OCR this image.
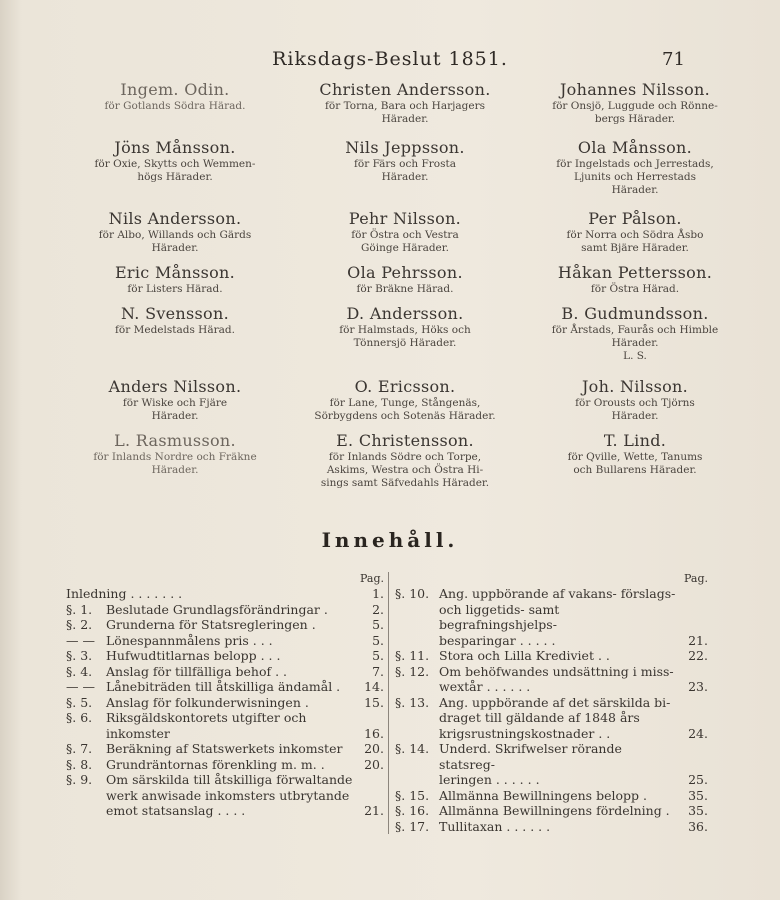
Riksdags-Beslut 1851.	71
Ingem. Odin.
för Gotlands Södra Härad.
Christen Andersson.
för Torna, Bara och Harjagers
Härader.
Johannes Nilsson.
för Onsjö, Luggude och Rönne-
bergs Härader.
Jöns Månsson.
för Oxie, Skytts och Wemmen-
högs Härader.
Nils Jeppsson.
för Färs och Frosta
Härader.
Ola Månsson.
för Ingelstads och Jerrestads,
Ljunits och Herrestads
Härader.
Nils Andersson.
för Albo, Willands och Gärds
Härader.
Pehr Nilsson.
för Östra och Vestra
Göinge Härader.
Per Pålson.
för Norra och Södra Åsbo
samt Bjäre Härader.
Eric Månsson.
för Listers Härad.
Ola Pehrsson.
för Bräkne Härad.
Håkan Pettersson.
för Östra Härad.
N. Svensson.
för Medelstads Härad.
D. Andersson.
för Halmstads, Höks och
Tönnersjö Härader.
B. Gudmundsson.
för Årstads, Faurås och Himble
Härader.
L. S.
Anders Nilsson.
för Wiske och Fjäre
Härader.
O. Ericsson.
för Lane, Tunge, Stångenäs,
Sörbygdens och Sotenäs Härader.
Joh. Nilsson.
för Orousts och Tjörns
Härader.
L. Rasmusson.
för Inlands Nordre och Fräkne
Härader.
E. Christensson.
för Inlands Södre och Torpe,
Askims, Westra och Östra Hi-
sings samt Säfvedahls Härader.
T. Lind.
för Qville, Wette, Tanums
och Bullarens Härader.
Innehåll.
Pag.
Inledning . . . . . . .	1.
§. 1.	Beslutade Grundlagsförändringar .	2.
§. 2.	Grunderna för Statsregleringen .	5.
— — Lönespannmålens pris . . .	5.
§. 3.	Hufwudtitlarnas belopp . . .	5.
§. 4.	Anslag för tillfälliga behof . .	7.
— — Lånebiträden till åtskilliga ändamål .	14.
§. 5.	Anslag för folkunderwisningen .	15.
§. 6.	Riksgäldskontorets utgifter och inkomster	16.
§. 7.	Beräkning af Statswerkets inkomster	20.
§. 8.	Grundräntornas förenkling m. m. .	20.
§. 9.	Om särskilda till åtskilliga förwaltande
werk anwisade inkomsters utbrytande
emot statsanslag . . . .	21.
Pag.
§. 10. Ang. uppbörande af vakans- förslags-
och liggetids- samt begrafningshjelps-
besparingar . . . . .	21.
§. 11. Stora och Lilla Krediviet . .	22.
§. 12. Om behöfwandes undsättning i miss-
wextår . . . . . .	23.
§. 13. Ang. uppbörande af det särskilda bi-
draget till gäldande af 1848 års
krigsrustningskostnader . .	24.
§. 14. Underd. Skrifwelser rörande statsreg-
leringen . . . . . .	25.
§. 15. Allmänna Bewillningens belopp .	35.
§. 16. Allmänna Bewillningens fördelning .	35.
§. 17. Tullitaxan . . . . . .	36.
